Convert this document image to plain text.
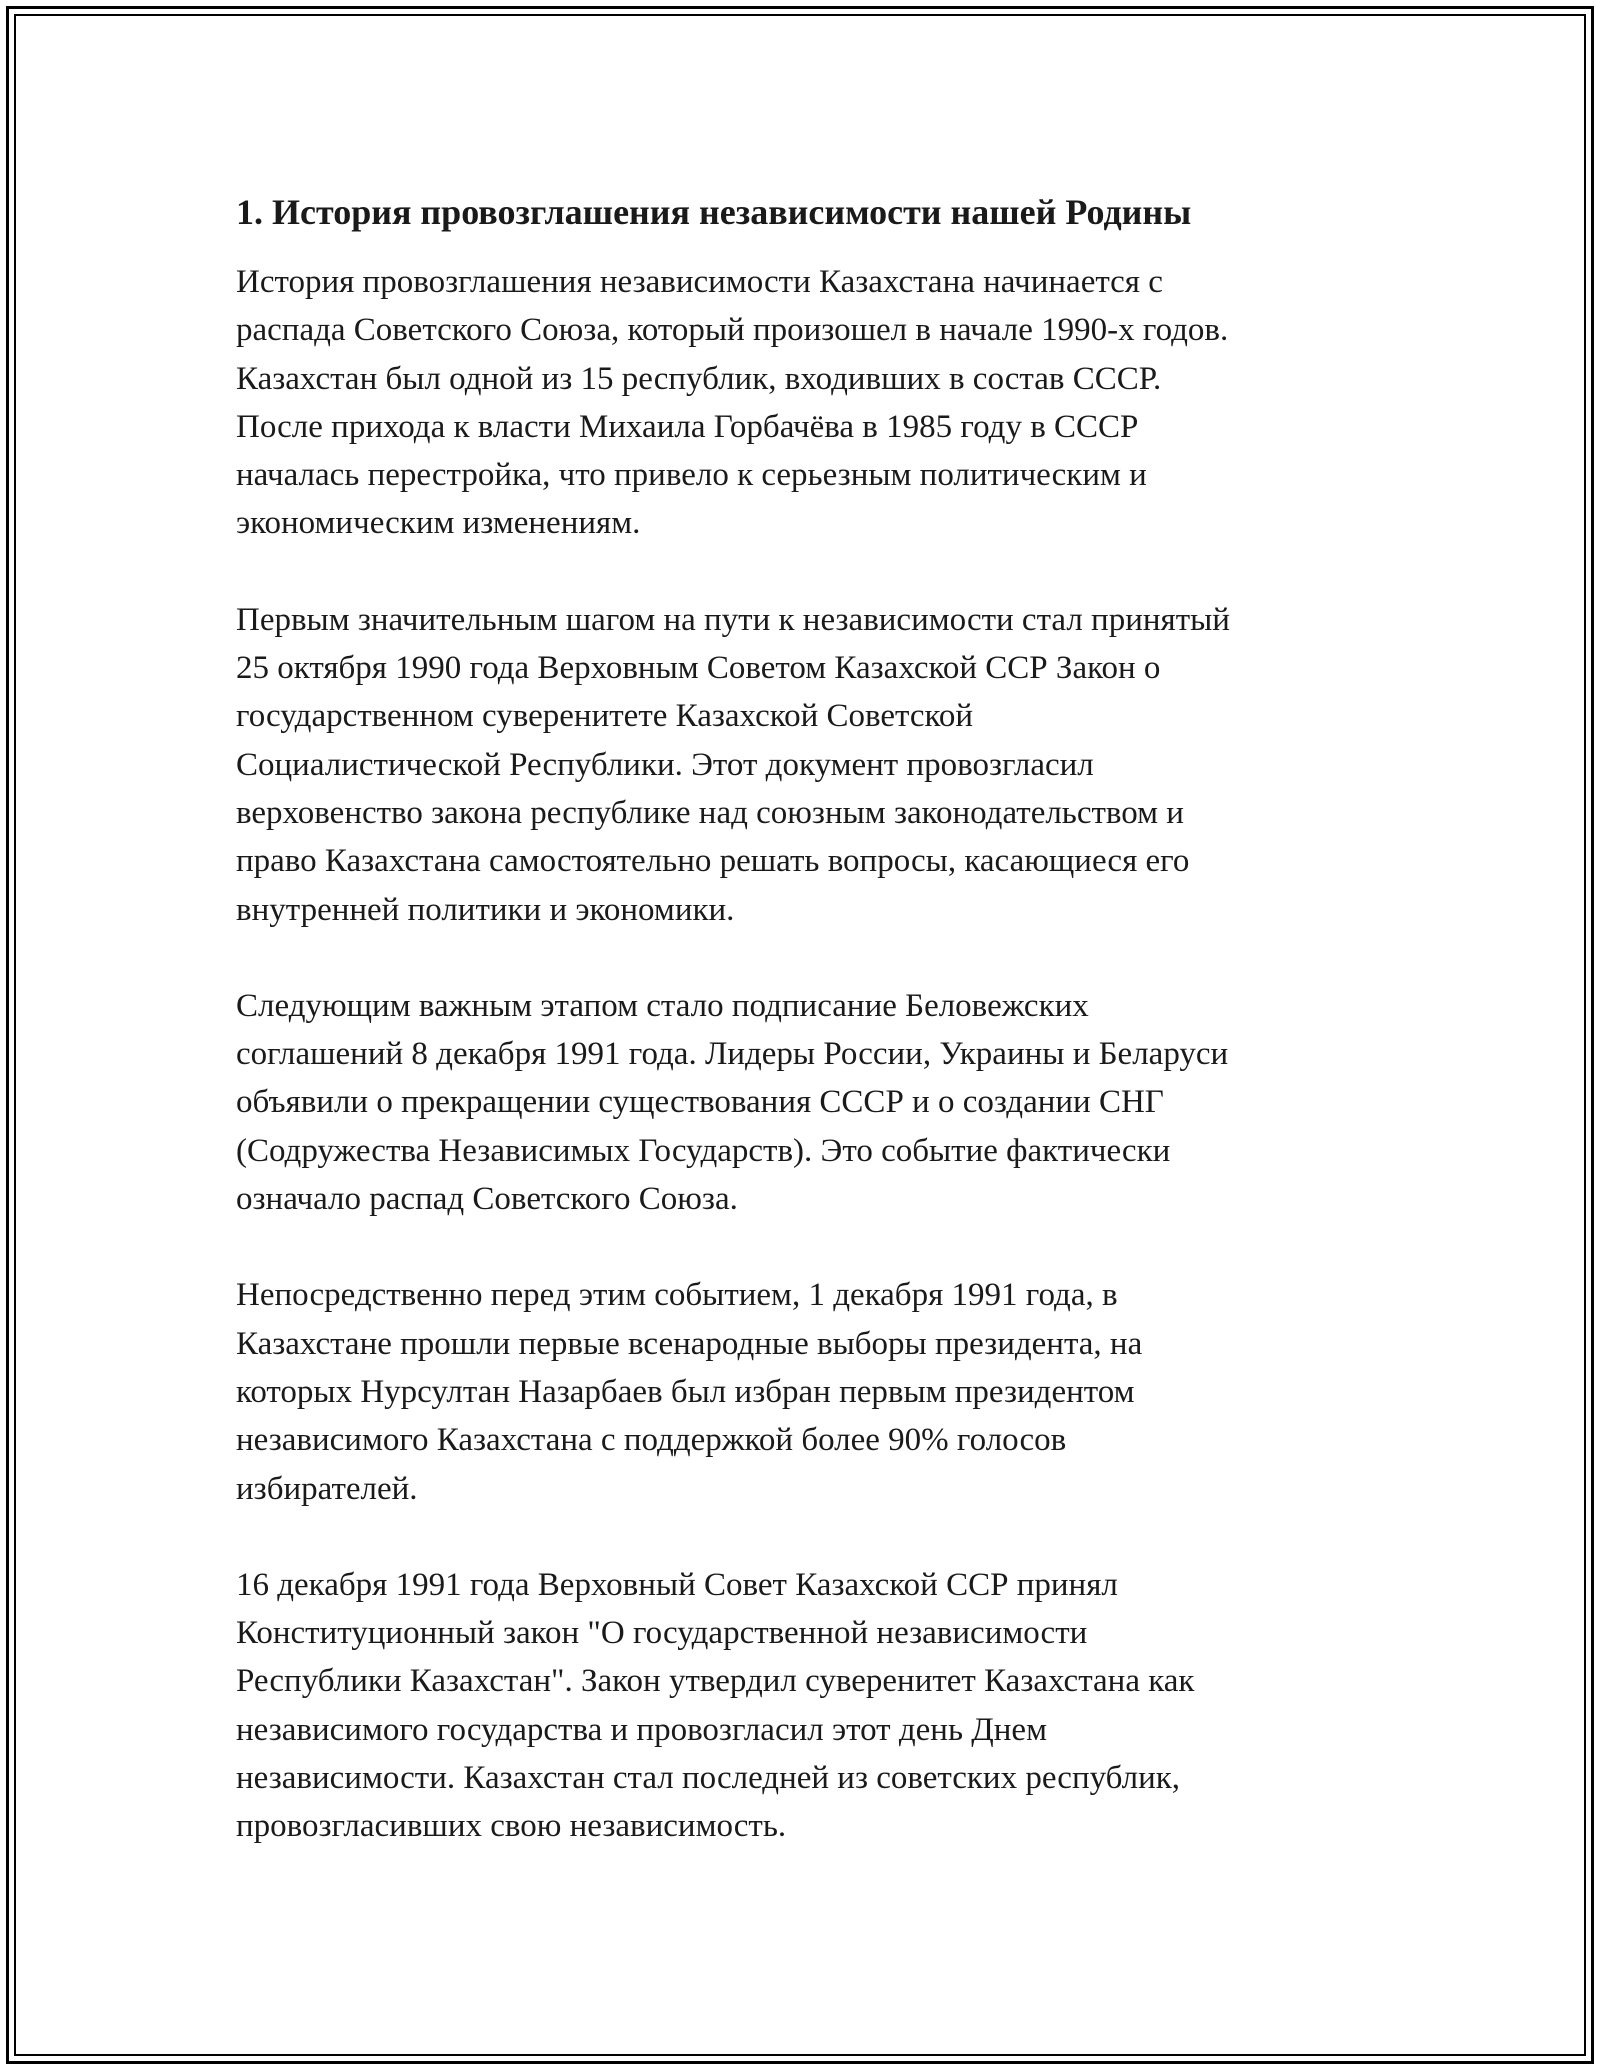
1. История провозглашения независимости нашей Родины

История провозглашения независимости Казахстана начинается с
распада Советского Союза, который произошел в начале 1990-х годов.
Казахстан был одной из 15 республик, входивших в состав СССР.
После прихода к власти Михаила Горбачёва в 1985 году в СССР
началась перестройка, что привело к серьезным политическим и
экономическим изменениям.

Первым значительным шагом на пути к независимости стал принятый
25 октября 1990 года Верховным Советом Казахской ССР Закон о
государственном суверенитете Казахской Советской
Социалистической Республики. Этот документ провозгласил
верховенство закона республике над союзным законодательством и
право Казахстана самостоятельно решать вопросы, касающиеся его
внутренней политики и экономики.

Следующим важным этапом стало подписание Беловежских
соглашений 8 декабря 1991 года. Лидеры России, Украины и Беларуси
объявили о прекращении существования СССР и о создании СНГ
(Содружества Независимых Государств). Это событие фактически
означало распад Советского Союза.

Непосредственно перед этим событием, 1 декабря 1991 года, в
Казахстане прошли первые всенародные выборы президента, на
которых Нурсултан Назарбаев был избран первым президентом
независимого Казахстана с поддержкой более 90% голосов
избирателей.

16 декабря 1991 года Верховный Совет Казахской ССР принял
Конституционный закон "О государственной независимости
Республики Казахстан". Закон утвердил суверенитет Казахстана как
независимого государства и провозгласил этот день Днем
независимости. Казахстан стал последней из советских республик,
провозгласивших свою независимость.
